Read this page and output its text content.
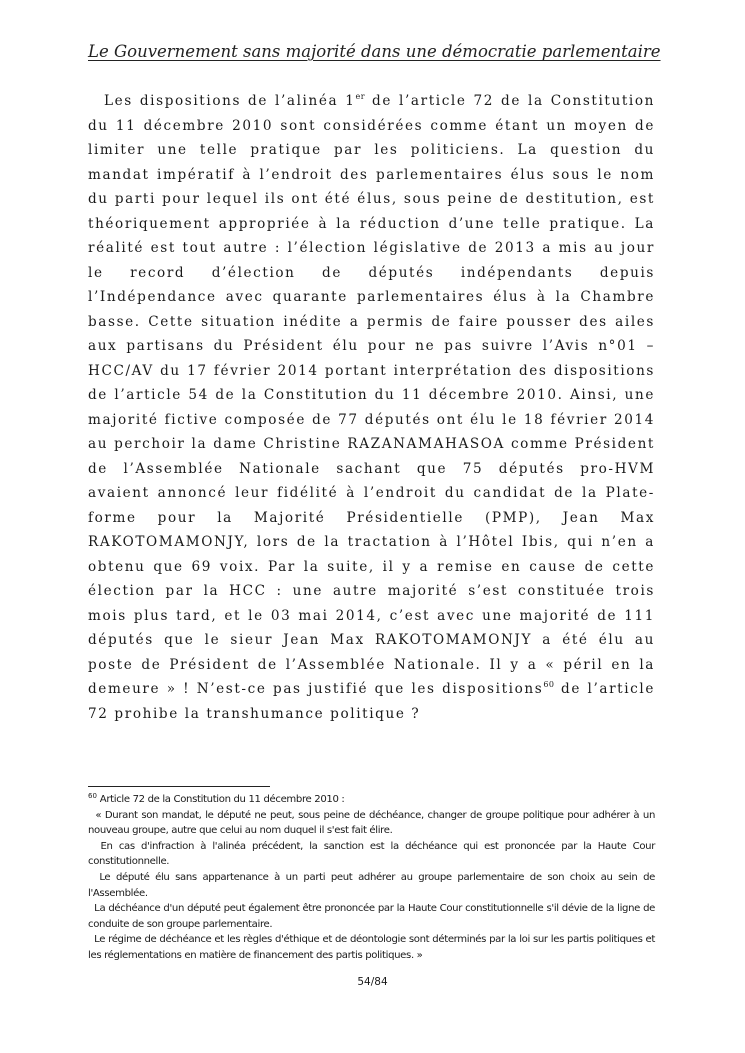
Le Gouvernement sans majorité dans une démocratie parlementaire

Les dispositions de l’alinéa 1er de l’article 72 de la Constitution du 11 décembre 2010 sont considérées comme étant un moyen de limiter une telle pratique par les politiciens. La question du mandat impératif à l’endroit des parlementaires élus sous le nom du parti pour lequel ils ont été élus, sous peine de destitution, est théoriquement appropriée à la réduction d’une telle pratique. La réalité est tout autre : l’élection législative de 2013 a mis au jour le record d’élection de députés indépendants depuis l’Indépendance avec quarante parlementaires élus à la Chambre basse. Cette situation inédite a permis de faire pousser des ailes aux partisans du Président élu pour ne pas suivre l’Avis n°01 – HCC/AV du 17 février 2014 portant interprétation des dispositions de l’article 54 de la Constitution du 11 décembre 2010. Ainsi, une majorité fictive composée de 77 députés ont élu le 18 février 2014 au perchoir la dame Christine RAZANAMAHASOA comme Président de l’Assemblée Nationale sachant que 75 députés pro-HVM avaient annoncé leur fidélité à l’endroit du candidat de la Plate-forme pour la Majorité Présidentielle (PMP), Jean Max RAKOTOMAMONJY, lors de la tractation à l’Hôtel Ibis, qui n’en a obtenu que 69 voix. Par la suite, il y a remise en cause de cette élection par la HCC : une autre majorité s’est constituée trois mois plus tard, et le 03 mai 2014, c’est avec une majorité de 111 députés que le sieur Jean Max RAKOTOMAMONJY a été élu au poste de Président de l’Assemblée Nationale. Il y a « péril en la demeure » ! N’est-ce pas justifié que les dispositions$^{60}$ de l’article 72 prohibe la transhumance politique ?

$^{60}$ Article 72 de la Constitution du 11 décembre 2010 :

« Durant son mandat, le député ne peut, sous peine de déchéance, changer de groupe politique pour adhérer à un nouveau groupe, autre que celui au nom duquel il s'est fait élire.

En cas d'infraction à l'alinéa précédent, la sanction est la déchéance qui est prononcée par la Haute Cour constitutionnelle.

Le député élu sans appartenance à un parti peut adhérer au groupe parlementaire de son choix au sein de l'Assemblée.

La déchéance d'un député peut également être prononcée par la Haute Cour constitutionnelle s'il dévie de la ligne de conduite de son groupe parlementaire.

Le régime de déchéance et les règles d'éthique et de déontologie sont déterminés par la loi sur les partis politiques et les réglementations en matière de financement des partis politiques. »

54/84
